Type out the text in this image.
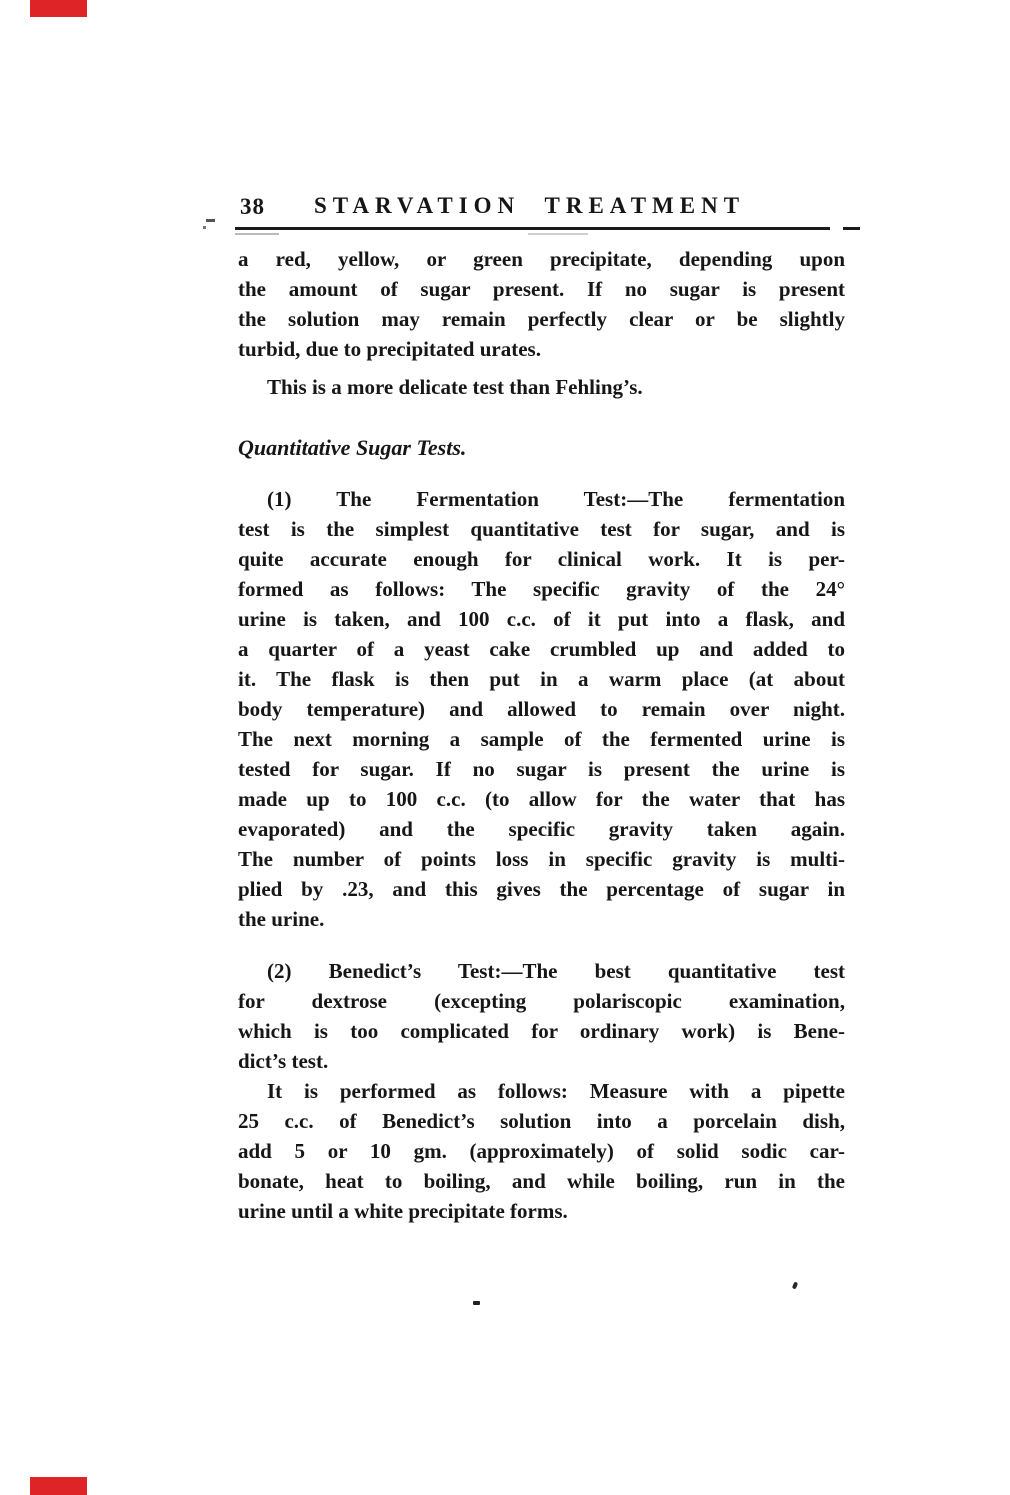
38 STARVATION TREATMENT
a red, yellow, or green precipitate, depending upon
the amount of sugar present. If no sugar is present
the solution may remain perfectly clear or be slightly
turbid, due to precipitated urates.
This is a more delicate test than Fehling’s.
Quantitative Sugar Tests.
(1) The Fermentation Test:—The fermentation
test is the simplest quantitative test for sugar, and is
quite accurate enough for clinical work. It is per-
formed as follows: The specific gravity of the 24°
urine is taken, and 100 c.c. of it put into a flask, and
a quarter of a yeast cake crumbled up and added to
it. The flask is then put in a warm place (at about
body temperature) and allowed to remain over night.
The next morning a sample of the fermented urine is
tested for sugar. If no sugar is present the urine is
made up to 100 c.c. (to allow for the water that has
evaporated) and the specific gravity taken again.
The number of points loss in specific gravity is multi-
plied by .23, and this gives the percentage of sugar in
the urine.
(2) Benedict’s Test:—The best quantitative test
for dextrose (excepting polariscopic examination,
which is too complicated for ordinary work) is Bene-
dict’s test.
It is performed as follows: Measure with a pipette
25 c.c. of Benedict’s solution into a porcelain dish,
add 5 or 10 gm. (approximately) of solid sodic car-
bonate, heat to boiling, and while boiling, run in the
urine until a white precipitate forms.
